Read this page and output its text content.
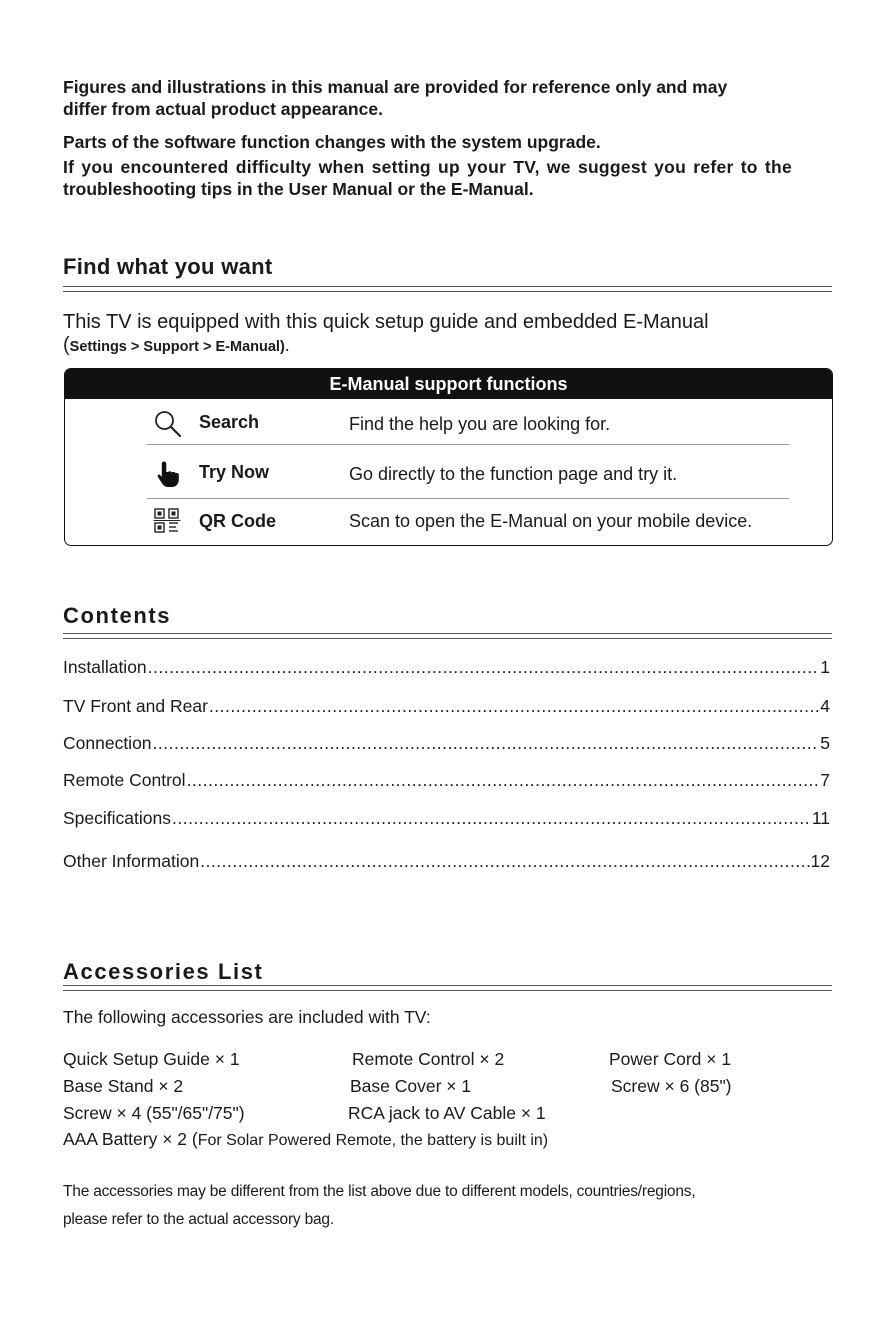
Figures and illustrations in this manual are provided for reference only and may
differ from actual product appearance.
Parts of the software function changes with the system upgrade.
If you encountered difficulty when setting up your TV, we suggest you refer to the
troubleshooting tips in the User Manual or the E-Manual.
Find what you want
This TV is equipped with this quick setup guide and embedded E-Manual
(Settings > Support > E-Manual).
E-Manual support functions
Search	Find the help you are looking for.
Try Now	Go directly to the function page and try it.
QR Code	Scan to open the E-Manual on your mobile device.
Contents
Installation .....	1
TV Front and Rear .....	4
Connection .....	5
Remote Control .....	7
Specifications .....	11
Other Information .....	12
Accessories List
The following accessories are included with TV:
Quick Setup Guide × 1	Remote Control × 2	Power Cord × 1
Base Stand × 2	Base Cover × 1	Screw × 6 (85")
Screw × 4 (55"/65"/75")	RCA jack to AV Cable × 1
AAA Battery × 2 (For Solar Powered Remote, the battery is built in)
The accessories may be different from the list above due to different models, countries/regions,
please refer to the actual accessory bag.
